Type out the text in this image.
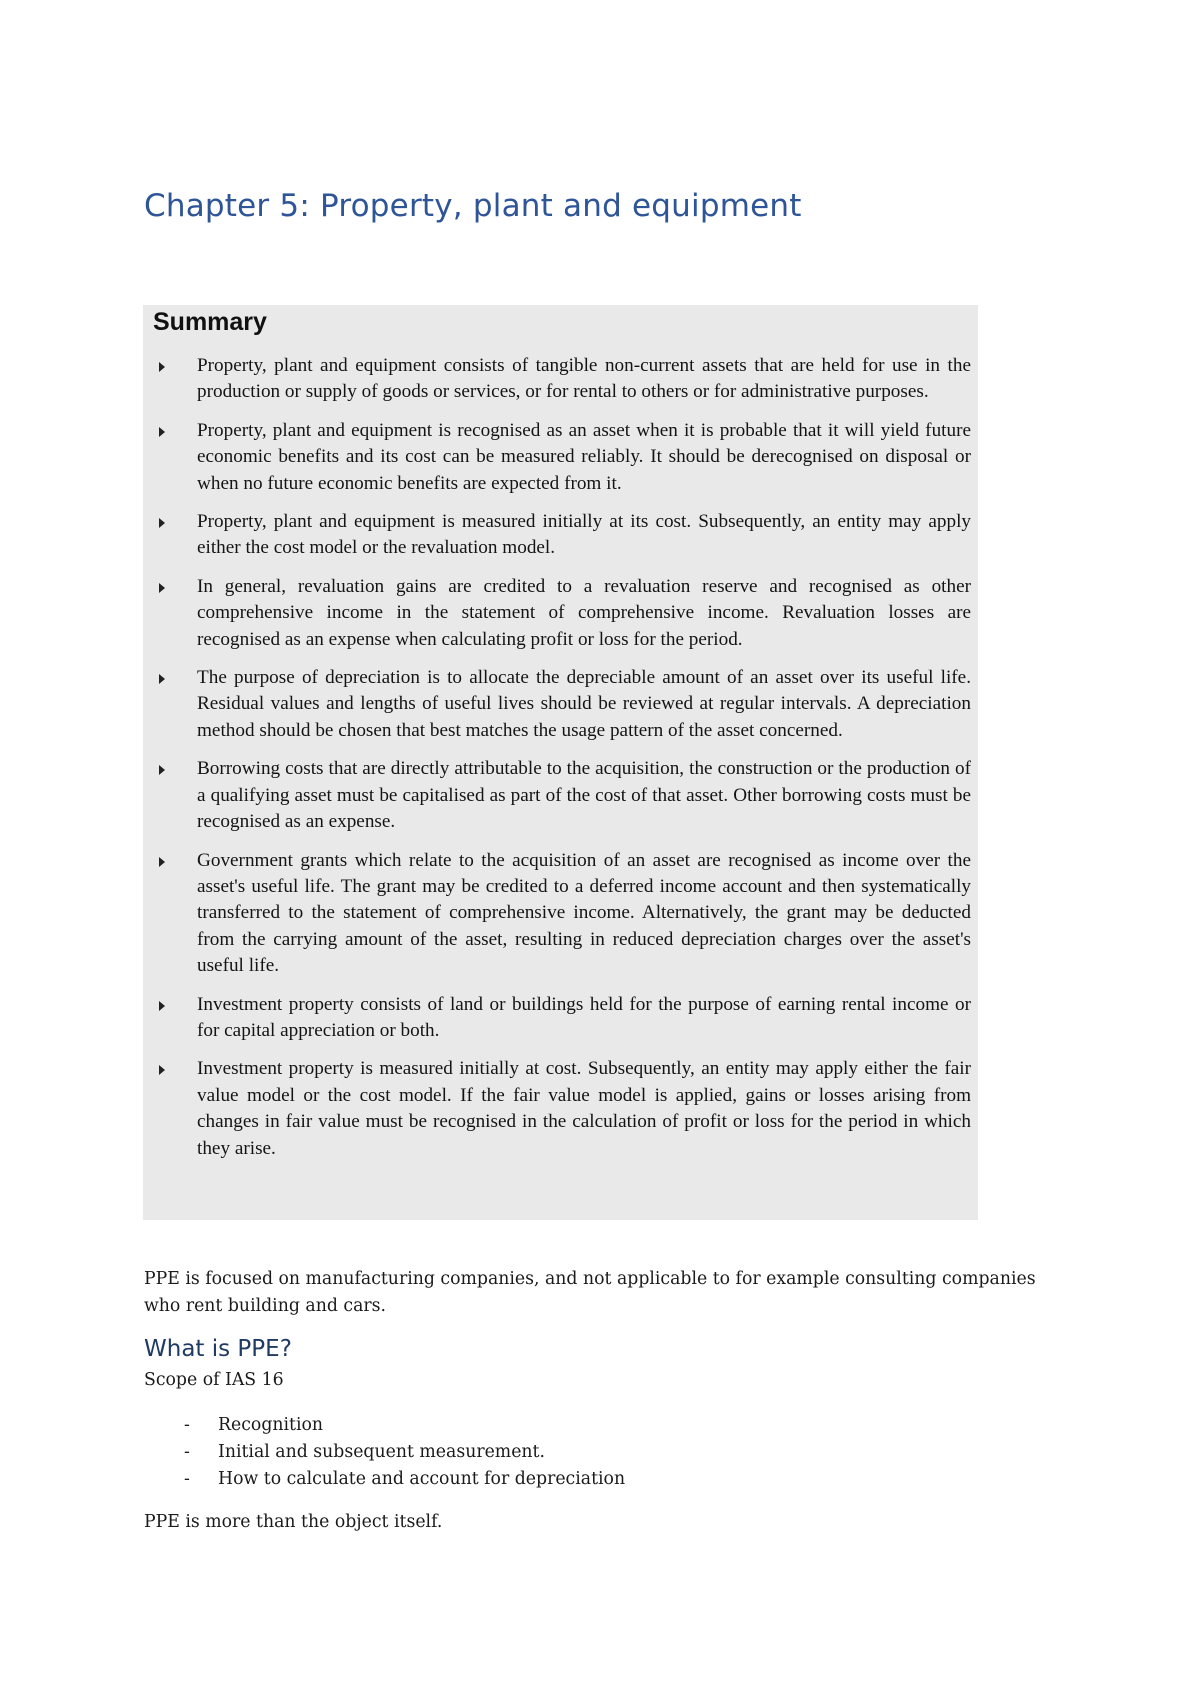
Chapter 5: Property, plant and equipment
Summary
Property, plant and equipment consists of tangible non-current assets that are held for use in the production or supply of goods or services, or for rental to others or for administrative purposes.
Property, plant and equipment is recognised as an asset when it is probable that it will yield future economic benefits and its cost can be measured reliably. It should be derecognised on disposal or when no future economic benefits are expected from it.
Property, plant and equipment is measured initially at its cost. Subsequently, an entity may apply either the cost model or the revaluation model.
In general, revaluation gains are credited to a revaluation reserve and recognised as other comprehensive income in the statement of comprehensive income. Revaluation losses are recognised as an expense when calculating profit or loss for the period.
The purpose of depreciation is to allocate the depreciable amount of an asset over its useful life. Residual values and lengths of useful lives should be reviewed at regular intervals. A depreciation method should be chosen that best matches the usage pattern of the asset concerned.
Borrowing costs that are directly attributable to the acquisition, the construction or the production of a qualifying asset must be capitalised as part of the cost of that asset. Other borrowing costs must be recognised as an expense.
Government grants which relate to the acquisition of an asset are recognised as income over the asset's useful life. The grant may be credited to a deferred income account and then systematically transferred to the statement of comprehensive income. Alternatively, the grant may be deducted from the carrying amount of the asset, resulting in reduced depreciation charges over the asset's useful life.
Investment property consists of land or buildings held for the purpose of earning rental income or for capital appreciation or both.
Investment property is measured initially at cost. Subsequently, an entity may apply either the fair value model or the cost model. If the fair value model is applied, gains or losses arising from changes in fair value must be recognised in the calculation of profit or loss for the period in which they arise.

PPE is focused on manufacturing companies, and not applicable to for example consulting companies who rent building and cars.

What is PPE?

Scope of IAS 16

- Recognition
- Initial and subsequent measurement.
- How to calculate and account for depreciation

PPE is more than the object itself.
